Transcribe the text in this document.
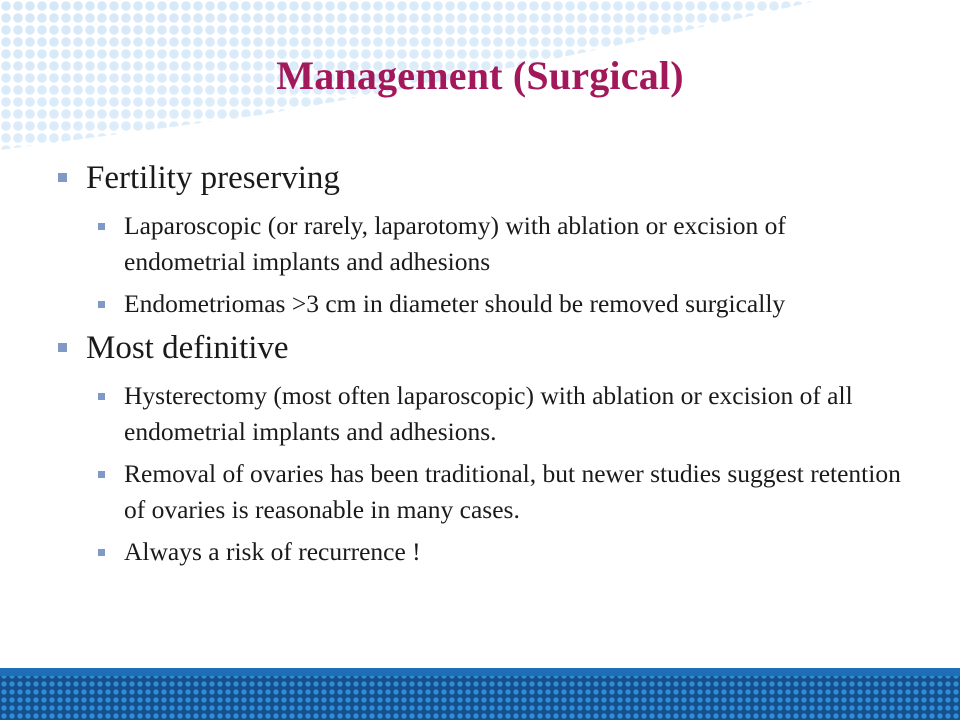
Management (Surgical)
Fertility preserving
Laparoscopic (or rarely, laparotomy) with ablation or excision of endometrial implants and adhesions
Endometriomas >3 cm in diameter should be removed surgically
Most definitive
Hysterectomy (most often laparoscopic) with ablation or excision of all endometrial implants and adhesions.
Removal of ovaries has been traditional, but newer studies suggest retention of ovaries is reasonable in many cases.
Always a risk of recurrence !
